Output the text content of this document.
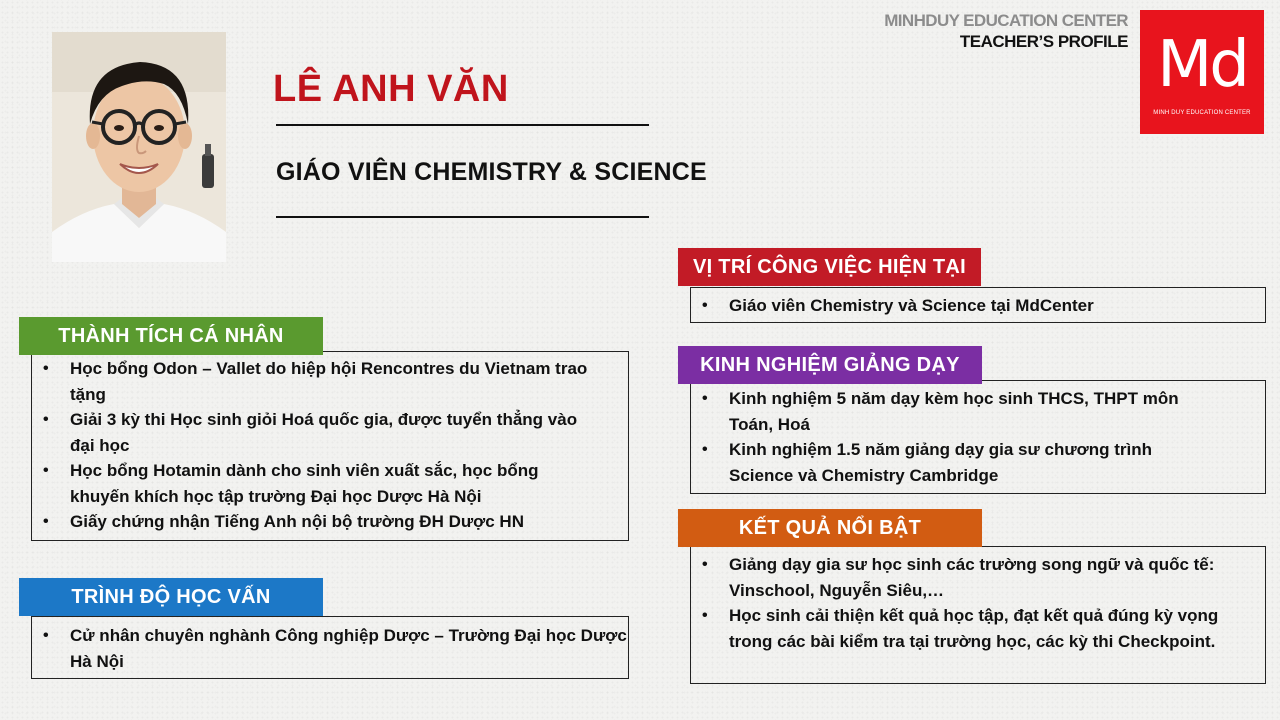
MINHDUY EDUCATION CENTER
TEACHER’S PROFILE Md
MINH DUY EDUCATION CENTER
LÊ ANH VĂN
GIÁO VIÊN CHEMISTRY & SCIENCE
• Học bổng Odon – Vallet do hiệp hội Rencontres du Vietnam trao tặng
• Giải 3 kỳ thi Học sinh giỏi Hoá quốc gia, được tuyển thẳng vào đại học
• Học bổng Hotamin dành cho sinh viên xuất sắc, học bổng khuyến khích học tập trường Đại học Dược Hà Nội
• Giấy chứng nhận Tiếng Anh nội bộ trường ĐH Dược HN
THÀNH TÍCH CÁ NHÂN
• Cử nhân chuyên nghành Công nghiệp Dược – Trường Đại học Dược Hà Nội
TRÌNH ĐỘ HỌC VẤN
• Giáo viên Chemistry và Science tại MdCenter
VỊ TRÍ CÔNG VIỆC HIỆN TẠI
• Kinh nghiệm 5 năm dạy kèm học sinh THCS, THPT môn Toán, Hoá
• Kinh nghiệm 1.5 năm giảng dạy gia sư chương trình Science và Chemistry Cambridge
KINH NGHIỆM GIẢNG DẠY
• Giảng dạy gia sư học sinh các trường song ngữ và quốc tế: Vinschool, Nguyễn Siêu,…
• Học sinh cải thiện kết quả học tập, đạt kết quả đúng kỳ vọng trong các bài kiểm tra tại trường học, các kỳ thi Checkpoint.
KẾT QUẢ NỔI BẬT
